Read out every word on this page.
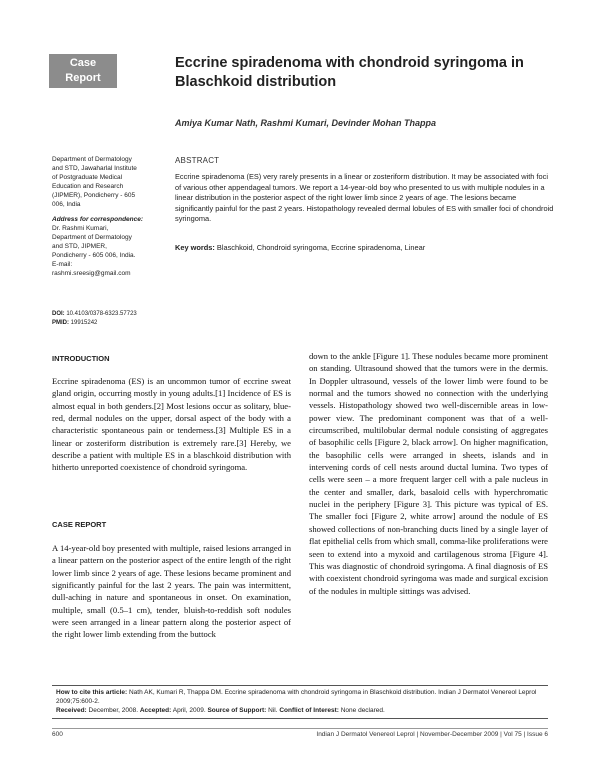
Case
Report
Eccrine spiradenoma with chondroid syringoma in Blaschkoid distribution
Amiya Kumar Nath, Rashmi Kumari, Devinder Mohan Thappa
Department of Dermatology
and STD, Jawaharlal Institute
of Postgraduate Medical
Education and Research
(JIPMER), Pondicherry - 605
006, India
Address for correspondence:
Dr. Rashmi Kumari,
Department of Dermatology
and STD, JIPMER,
Pondicherry - 605 006, India.
E-mail:
rashmi.sreesig@gmail.com
DOI: 10.4103/0378-6323.57723
PMID: 19915242
ABSTRACT
Eccrine spiradenoma (ES) very rarely presents in a linear or zosteriform distribution. It may be associated with foci of various other appendageal tumors. We report a 14-year-old boy who presented to us with multiple nodules in a linear distribution in the posterior aspect of the right lower limb since 2 years of age. The lesions became significantly painful for the past 2 years. Histopathology revealed dermal lobules of ES with smaller foci of chondroid syringoma.
Key words: Blaschkoid, Chondroid syringoma, Eccrine spiradenoma, Linear
INTRODUCTION
Eccrine spiradenoma (ES) is an uncommon tumor of eccrine sweat gland origin, occurring mostly in young adults.[1] Incidence of ES is almost equal in both genders.[2] Most lesions occur as solitary, blue-red, dermal nodules on the upper, dorsal aspect of the body with a characteristic spontaneous pain or tenderness.[3] Multiple ES in a linear or zosteriform distribution is extremely rare.[3] Hereby, we describe a patient with multiple ES in a blaschkoid distribution with hitherto unreported coexistence of chondroid syringoma.
CASE REPORT
A 14-year-old boy presented with multiple, raised lesions arranged in a linear pattern on the posterior aspect of the entire length of the right lower limb since 2 years of age. These lesions became prominent and significantly painful for the last 2 years. The pain was intermittent, dull-aching in nature and spontaneous in onset. On examination, multiple, small (0.5–1 cm), tender, bluish-to-reddish soft nodules were seen arranged in a linear pattern along the posterior aspect of the right lower limb extending from the buttock
down to the ankle [Figure 1]. These nodules became more prominent on standing. Ultrasound showed that the tumors were in the dermis. In Doppler ultrasound, vessels of the lower limb were found to be normal and the tumors showed no connection with the underlying vessels. Histopathology showed two well-discernible areas in low-power view. The predominant component was that of a well-circumscribed, multilobular dermal nodule consisting of aggregates of basophilic cells [Figure 2, black arrow]. On higher magnification, the basophilic cells were arranged in sheets, islands and in intervening cords of cell nests around ductal lumina. Two types of cells were seen – a more frequent larger cell with a pale nucleus in the center and smaller, dark, basaloid cells with hyperchromatic nuclei in the periphery [Figure 3]. This picture was typical of ES. The smaller foci [Figure 2, white arrow] around the nodule of ES showed collections of non-branching ducts lined by a single layer of flat epithelial cells from which small, comma-like proliferations were seen to extend into a myxoid and cartilagenous stroma [Figure 4]. This was diagnostic of chondroid syringoma. A final diagnosis of ES with coexistent chondroid syringoma was made and surgical excision of the nodules in multiple sittings was advised.
How to cite this article: Nath AK, Kumari R, Thappa DM. Eccrine spiradenoma with chondroid syringoma in Blaschkoid distribution. Indian J Dermatol Venereol Leprol 2009;75:600-2.
Received: December, 2008. Accepted: April, 2009. Source of Support: Nil. Conflict of Interest: None declared.
600	Indian J Dermatol Venereol Leprol | November-December 2009 | Vol 75 | Issue 6
